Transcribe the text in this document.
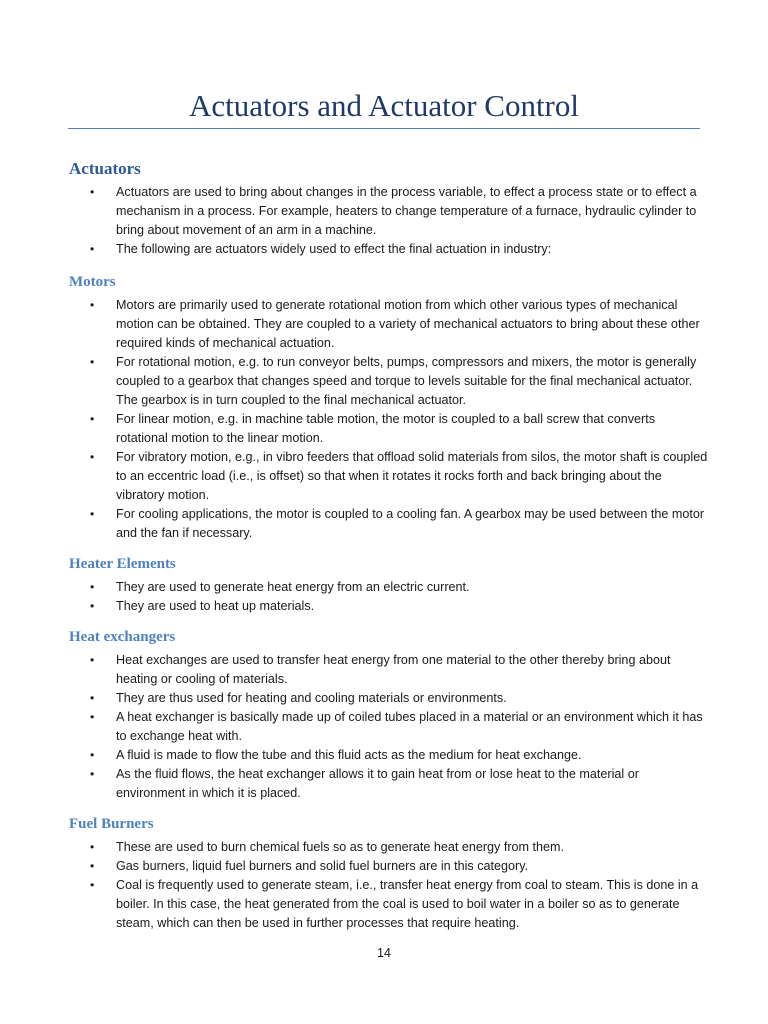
Actuators and Actuator Control
Actuators
• Actuators are used to bring about changes in the process variable, to effect a process state or to effect a mechanism in a process. For example, heaters to change temperature of a furnace, hydraulic cylinder to bring about movement of an arm in a machine.
• The following are actuators widely used to effect the final actuation in industry:
Motors
• Motors are primarily used to generate rotational motion from which other various types of mechanical motion can be obtained. They are coupled to a variety of mechanical actuators to bring about these other required kinds of mechanical actuation.
• For rotational motion, e.g. to run conveyor belts, pumps, compressors and mixers, the motor is generally coupled to a gearbox that changes speed and torque to levels suitable for the final mechanical actuator. The gearbox is in turn coupled to the final mechanical actuator.
• For linear motion, e.g. in machine table motion, the motor is coupled to a ball screw that converts rotational motion to the linear motion.
• For vibratory motion, e.g., in vibro feeders that offload solid materials from silos, the motor shaft is coupled to an eccentric load (i.e., is offset) so that when it rotates it rocks forth and back bringing about the vibratory motion.
• For cooling applications, the motor is coupled to a cooling fan. A gearbox may be used between the motor and the fan if necessary.
Heater Elements
• They are used to generate heat energy from an electric current.
• They are used to heat up materials.
Heat exchangers
• Heat exchanges are used to transfer heat energy from one material to the other thereby bring about heating or cooling of materials.
• They are thus used for heating and cooling materials or environments.
• A heat exchanger is basically made up of coiled tubes placed in a material or an environment which it has to exchange heat with.
• A fluid is made to flow the tube and this fluid acts as the medium for heat exchange.
• As the fluid flows, the heat exchanger allows it to gain heat from or lose heat to the material or environment in which it is placed.
Fuel Burners
• These are used to burn chemical fuels so as to generate heat energy from them.
• Gas burners, liquid fuel burners and solid fuel burners are in this category.
• Coal is frequently used to generate steam, i.e., transfer heat energy from coal to steam. This is done in a boiler. In this case, the heat generated from the coal is used to boil water in a boiler so as to generate steam, which can then be used in further processes that require heating.
14
